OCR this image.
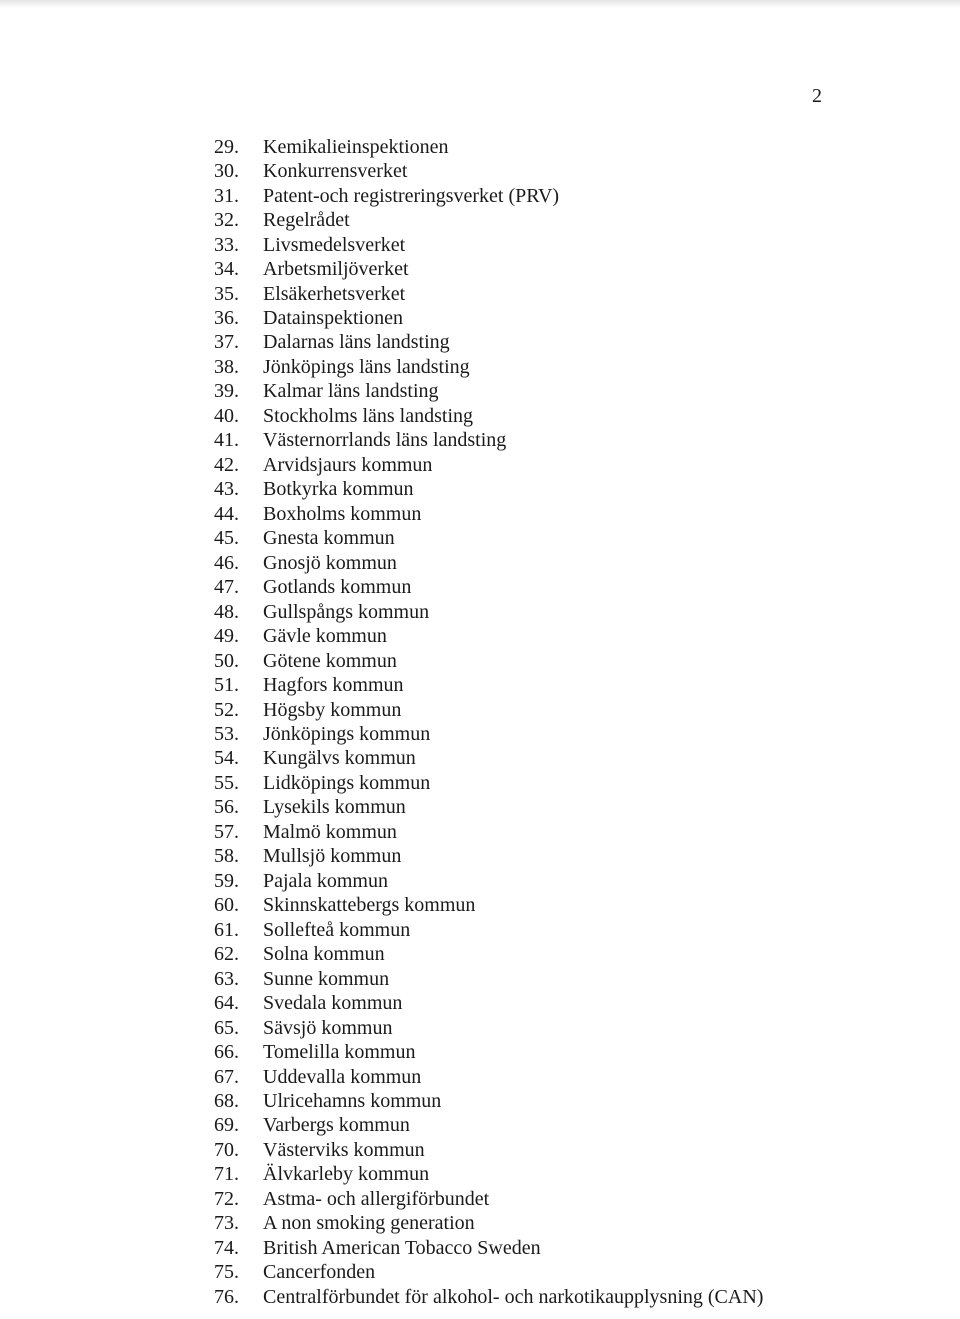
2
29.	Kemikalieinspektionen
30.	Konkurrensverket
31.	Patent-och registreringsverket (PRV)
32.	Regelrådet
33.	Livsmedelsverket
34.	Arbetsmiljöverket
35.	Elsäkerhetsverket
36.	Datainspektionen
37.	Dalarnas läns landsting
38.	Jönköpings läns landsting
39.	Kalmar läns landsting
40.	Stockholms läns landsting
41.	Västernorrlands läns landsting
42.	Arvidsjaurs kommun
43.	Botkyrka kommun
44.	Boxholms kommun
45.	Gnesta kommun
46.	Gnosjö kommun
47.	Gotlands kommun
48.	Gullspångs kommun
49.	Gävle kommun
50.	Götene kommun
51.	Hagfors kommun
52.	Högsby kommun
53.	Jönköpings kommun
54.	Kungälvs kommun
55.	Lidköpings kommun
56.	Lysekils kommun
57.	Malmö kommun
58.	Mullsjö kommun
59.	Pajala kommun
60.	Skinnskattebergs kommun
61.	Sollefteå kommun
62.	Solna kommun
63.	Sunne kommun
64.	Svedala kommun
65.	Sävsjö kommun
66.	Tomelilla kommun
67.	Uddevalla kommun
68.	Ulricehamns kommun
69.	Varbergs kommun
70.	Västerviks kommun
71.	Älvkarleby kommun
72.	Astma- och allergiförbundet
73.	A non smoking generation
74.	British American Tobacco Sweden
75.	Cancerfonden
76.	Centralförbundet för alkohol- och narkotikaupplysning (CAN)
